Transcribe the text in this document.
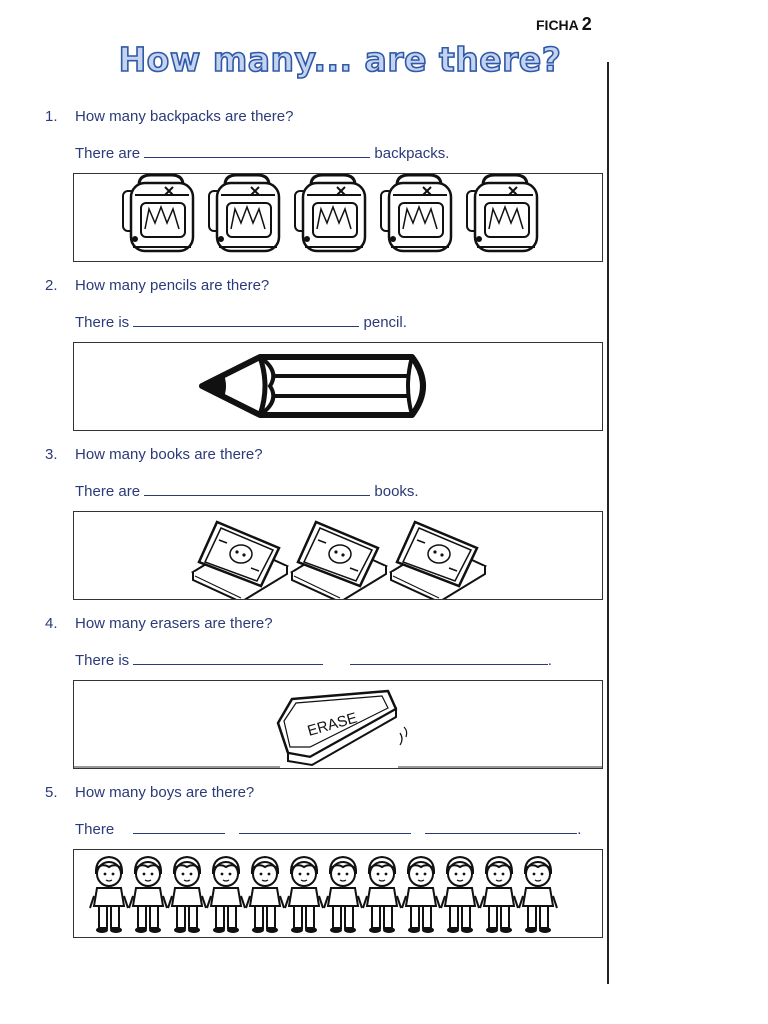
FICHA 2
How many... are there?
1. How many backpacks are there?
There are	backpacks.
2. How many pencils are there?
There is	pencil.
3. How many books are there?
There are	books.
4. How many erasers are there?
There is	.
ERASE
5. How many boys are there?
There	.
